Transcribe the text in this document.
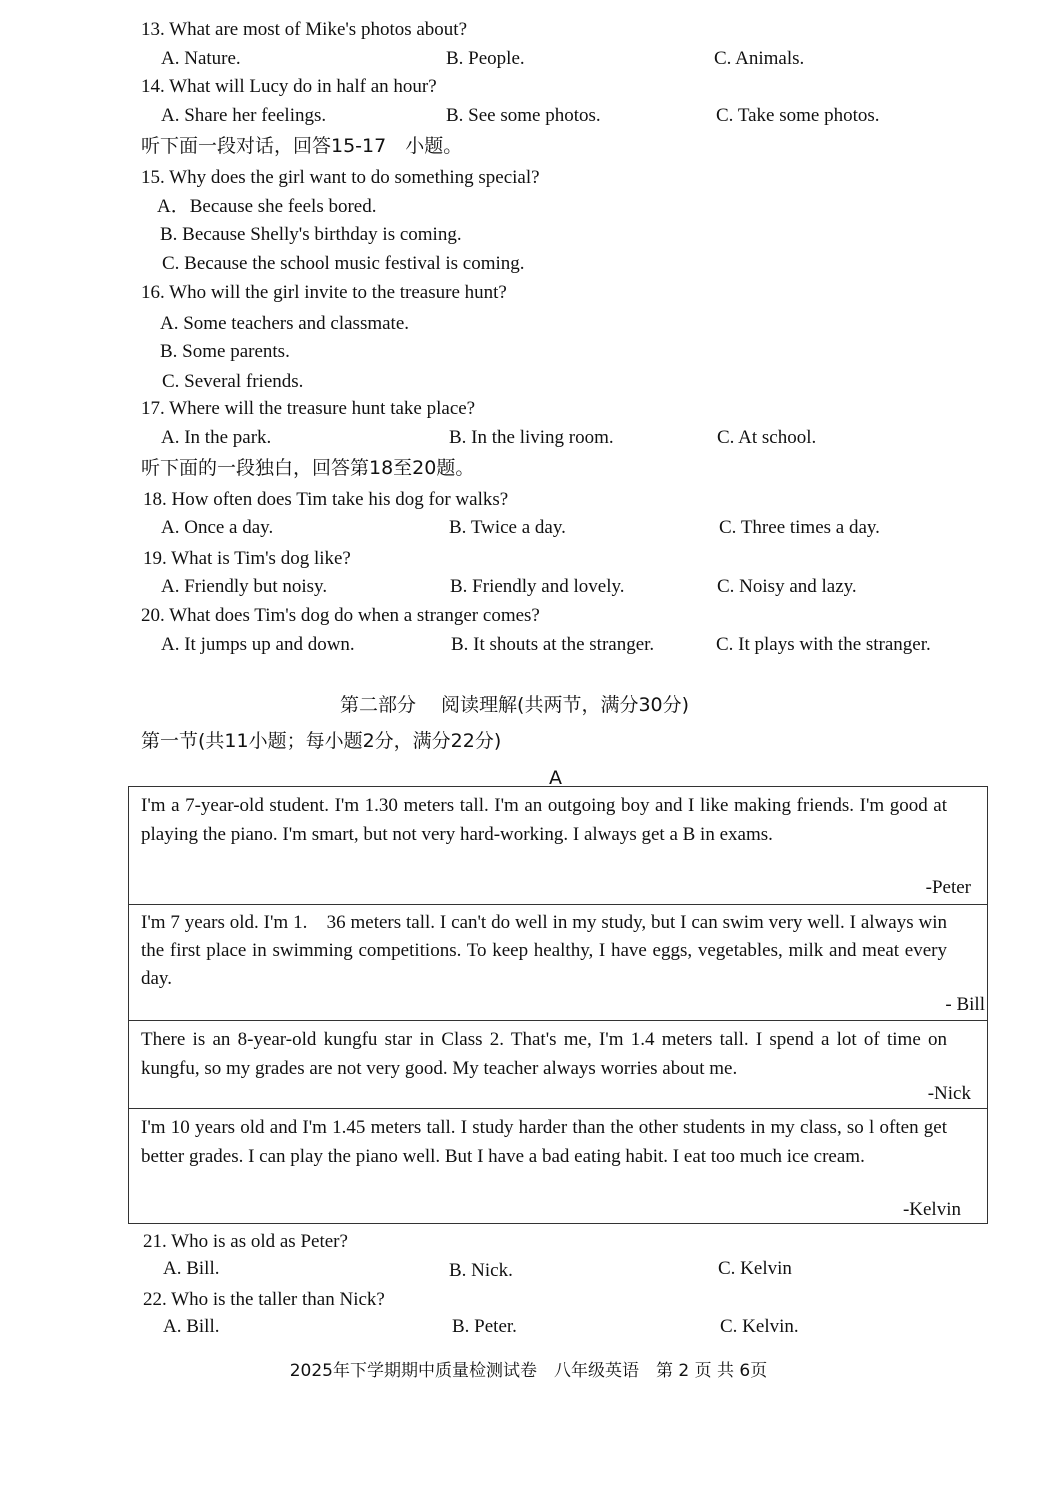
13. What are most of Mike's photos about?
A. Nature.	B. People.	C. Animals.
14. What will Lucy do in half an hour?
A. Share her feelings.	B. See some photos.	C. Take some photos.
听下面一段对话，回答15-17　小题。
15. Why does the girl want to do something special?
A．Because she feels bored.
B. Because Shelly's birthday is coming.
C. Because the school music festival is coming.
16. Who will the girl invite to the treasure hunt?
A. Some teachers and classmate.
B. Some parents.
C. Several friends.
17. Where will the treasure hunt take place?
A. In the park.	B. In the living room.	C. At school.
听下面的一段独白，回答第18至20题。
18. How often does Tim take his dog for walks?
A. Once a day.	B. Twice a day.	C. Three times a day.
19. What is Tim's dog like?
A. Friendly but noisy.	B. Friendly and lovely.	C. Noisy and lazy.
20. What does Tim's dog do when a stranger comes?
A. It jumps up and down.	B. It shouts at the stranger.	C. It plays with the stranger.
第二部分　 阅读理解(共两节，满分30分)
第一节(共11小题；每小题2分，满分22分)
A
I'm a 7-year-old student. I'm 1.30 meters tall. I'm an outgoing boy and I like making friends. I'm good at playing the piano. I'm smart, but not very hard-working. I always get a B in exams.
-Peter
I'm 7 years old. I'm 1.　36 meters tall. I can't do well in my study, but I can swim very well. I always win the first place in swimming competitions. To keep healthy, I have eggs, vegetables, milk and meat every day.
- Bill
There is an 8-year-old kungfu star in Class 2. That's me, I'm 1.4 meters tall. I spend a lot of time on kungfu, so my grades are not very good. My teacher always worries about me.
-Nick
I'm 10 years old and I'm 1.45 meters tall. I study harder than the other students in my class, so l often get better grades. I can play the piano well. But I have a bad eating habit. I eat too much ice cream.
-Kelvin
21. Who is as old as Peter?
A. Bill.	B. Nick.	C. Kelvin
22. Who is the taller than Nick?
A. Bill.	B. Peter.	C. Kelvin.
2025年下学期期中质量检测试卷　八年级英语　第 2 页 共 6页
